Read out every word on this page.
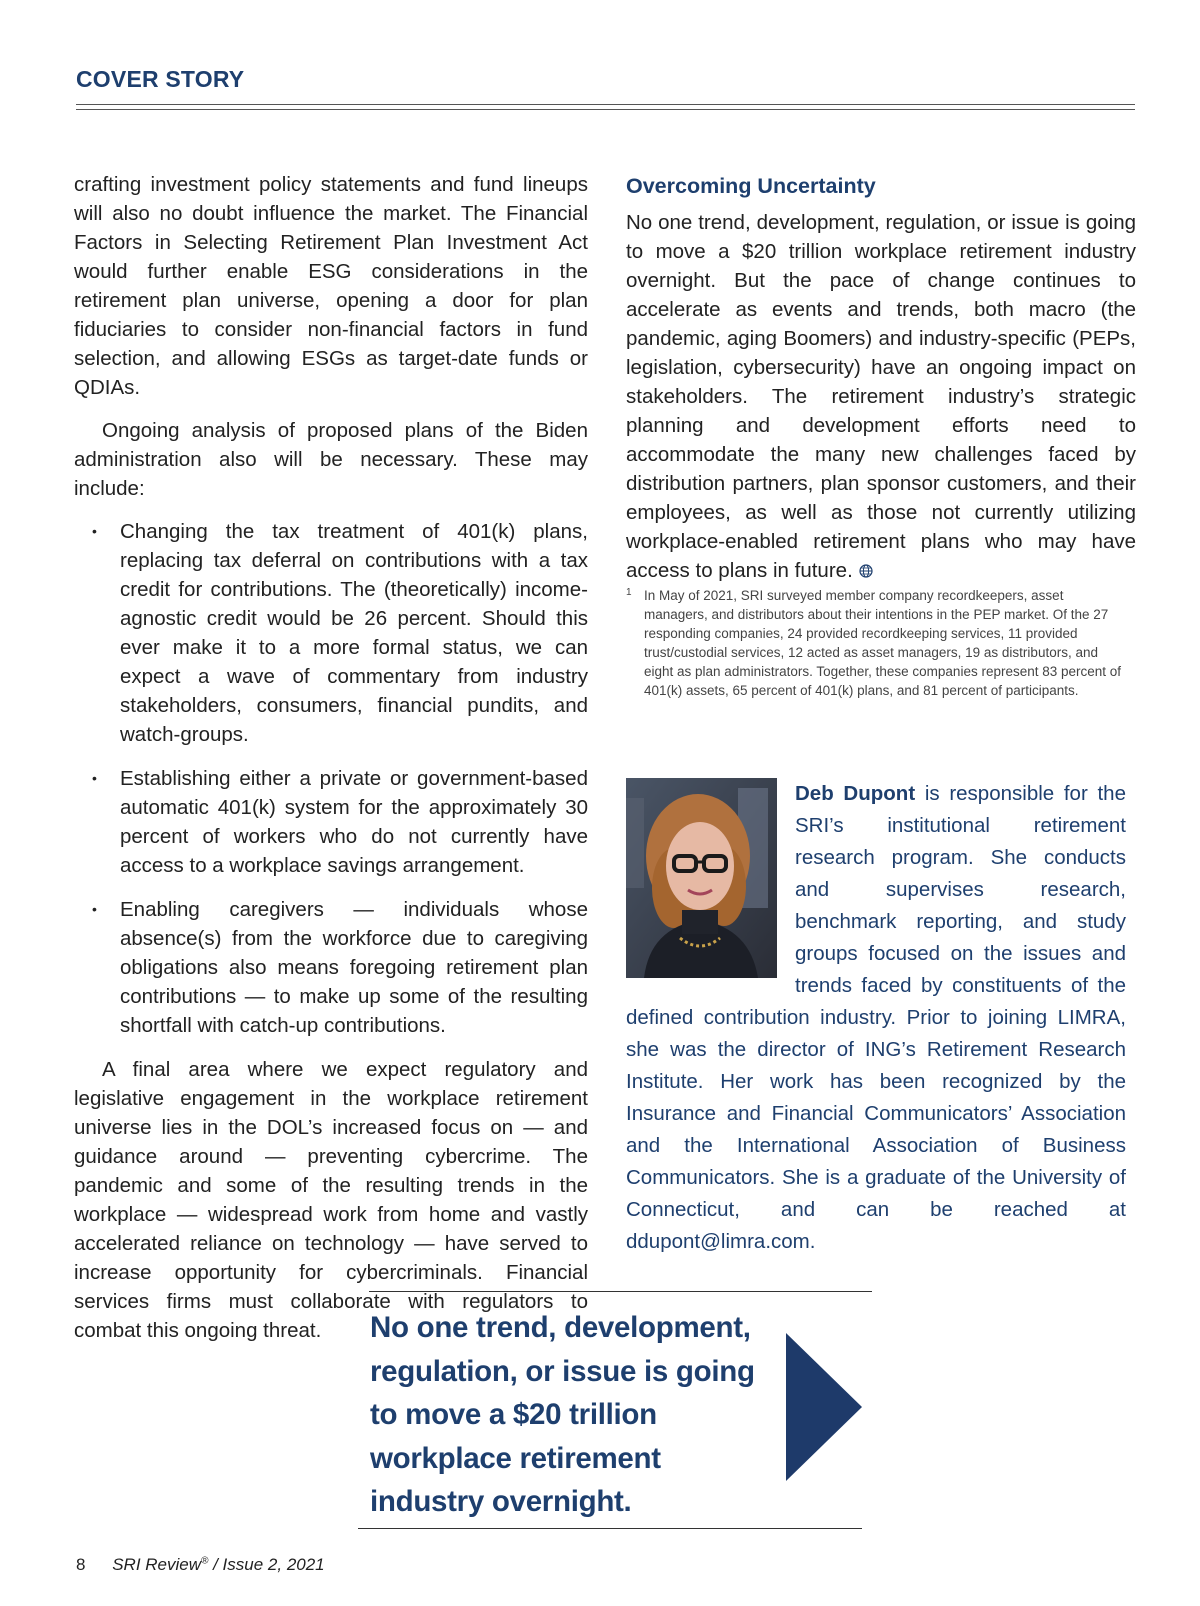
COVER STORY

crafting investment policy statements and fund lineups will also no doubt influence the market. The Financial Factors in Selecting Retirement Plan Investment Act would further enable ESG considerations in the retirement plan universe, opening a door for plan fiduciaries to consider non-financial factors in fund selection, and allowing ESGs as target-date funds or QDIAs.

Ongoing analysis of proposed plans of the Biden administration also will be necessary. These may include:

• Changing the tax treatment of 401(k) plans, replacing tax deferral on contributions with a tax credit for contributions. The (theoretically) income-agnostic credit would be 26 percent. Should this ever make it to a more formal status, we can expect a wave of commentary from industry stakeholders, consumers, financial pundits, and watch-groups.
• Establishing either a private or government-based automatic 401(k) system for the approximately 30 percent of workers who do not currently have access to a workplace savings arrangement.
• Enabling caregivers — individuals whose absence(s) from the workforce due to caregiving obligations also means foregoing retirement plan contributions — to make up some of the resulting shortfall with catch-up contributions.

A final area where we expect regulatory and legislative engagement in the workplace retirement universe lies in the DOL’s increased focus on — and guidance around — preventing cybercrime. The pandemic and some of the resulting trends in the workplace — widespread work from home and vastly accelerated reliance on technology — have served to increase opportunity for cybercriminals. Financial services firms must collaborate with regulators to combat this ongoing threat.

Overcoming Uncertainty

No one trend, development, regulation, or issue is going to move a $20 trillion workplace retirement industry overnight. But the pace of change continues to accelerate as events and trends, both macro (the pandemic, aging Boomers) and industry-specific (PEPs, legislation, cybersecurity) have an ongoing impact on stakeholders. The retirement industry’s strategic planning and development efforts need to accommodate the many new challenges faced by distribution partners, plan sponsor customers, and their employees, as well as those not currently utilizing workplace-enabled retirement plans who may have access to plans in future.

1 In May of 2021, SRI surveyed member company recordkeepers, asset managers, and distributors about their intentions in the PEP market. Of the 27 responding companies, 24 provided recordkeeping services, 11 provided trust/custodial services, 12 acted as asset managers, 19 as distributors, and eight as plan administrators. Together, these companies represent 83 percent of 401(k) assets, 65 percent of 401(k) plans, and 81 percent of participants.
Deb Dupont is responsible for the SRI’s institutional retirement research program. She conducts and supervises research, benchmark reporting, and study groups focused on the issues and trends faced by constituents of the defined contribution industry. Prior to joining LIMRA, she was the director of ING’s Retirement Research Institute. Her work has been recognized by the Insurance and Financial Communicators’ Association and the International Association of Business Communicators. She is a graduate of the University of Connecticut, and can be reached at ddupont@limra.com.
No one trend, development, regulation, or issue is going to move a $20 trillion workplace retirement industry overnight.
8 SRI Review® / Issue 2, 2021
